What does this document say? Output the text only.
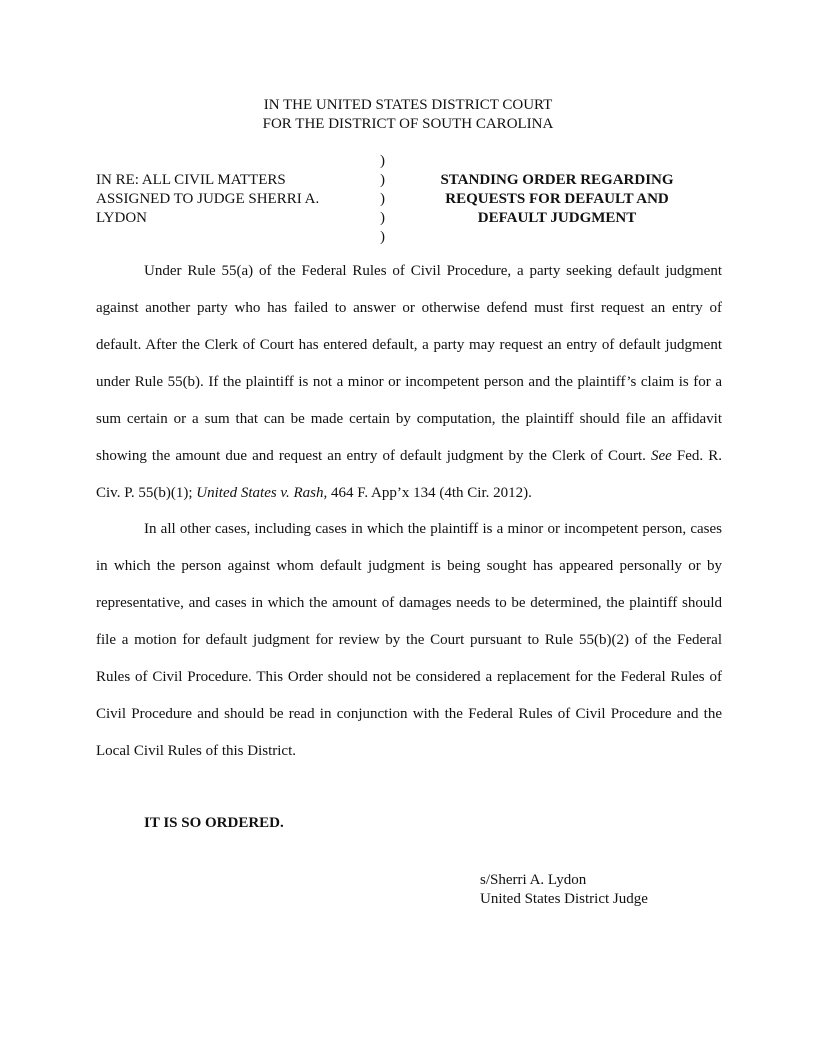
IN THE UNITED STATES DISTRICT COURT
FOR THE DISTRICT OF SOUTH CAROLINA
IN RE: ALL CIVIL MATTERS
ASSIGNED TO JUDGE SHERRI A.
LYDON
)
)
)
)
)
STANDING ORDER REGARDING
REQUESTS FOR DEFAULT AND
DEFAULT JUDGMENT
Under Rule 55(a) of the Federal Rules of Civil Procedure, a party seeking default judgment against another party who has failed to answer or otherwise defend must first request an entry of default. After the Clerk of Court has entered default, a party may request an entry of default judgment under Rule 55(b). If the plaintiff is not a minor or incompetent person and the plaintiff’s claim is for a sum certain or a sum that can be made certain by computation, the plaintiff should file an affidavit showing the amount due and request an entry of default judgment by the Clerk of Court. See Fed. R. Civ. P. 55(b)(1); United States v. Rash, 464 F. App’x 134 (4th Cir. 2012).
In all other cases, including cases in which the plaintiff is a minor or incompetent person, cases in which the person against whom default judgment is being sought has appeared personally or by representative, and cases in which the amount of damages needs to be determined, the plaintiff should file a motion for default judgment for review by the Court pursuant to Rule 55(b)(2) of the Federal Rules of Civil Procedure. This Order should not be considered a replacement for the Federal Rules of Civil Procedure and should be read in conjunction with the Federal Rules of Civil Procedure and the Local Civil Rules of this District.
IT IS SO ORDERED.
s/Sherri A. Lydon
United States District Judge
